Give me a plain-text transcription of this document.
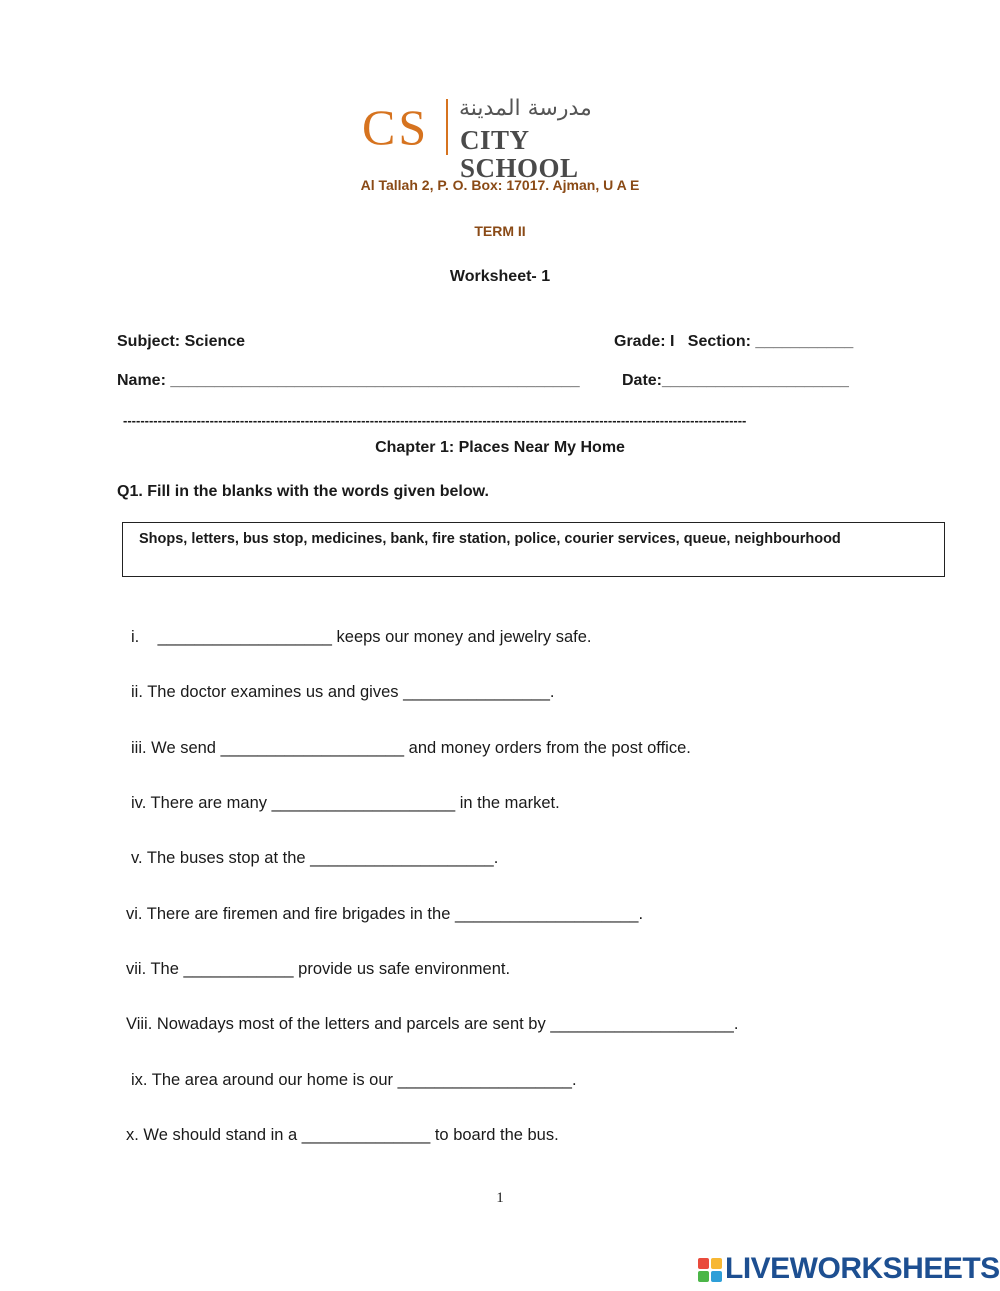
CS مدرسة المدينة
CITY SCHOOL
Al Tallah 2, P. O. Box: 17017. Ajman, U A E
TERM II
Worksheet- 1
Subject: Science	Grade: I   Section: ___________
Name: ______________________________________________	Date:_____________________
------------------------------------------------------------------------------------------------------------------------------------------------
Chapter 1: Places Near My Home
Q1. Fill in the blanks with the words given below.
Shops, letters, bus stop, medicines, bank, fire station, police, courier services, queue, neighbourhood
i.    ___________________ keeps our money and jewelry safe.
ii. The doctor examines us and gives ________________.
iii. We send ____________________ and money orders from the post office.
iv. There are many ____________________ in the market.
v. The buses stop at the ____________________.
vi. There are firemen and fire brigades in the ____________________.
vii. The ____________ provide us safe environment.
Viii. Nowadays most of the letters and parcels are sent by ____________________.
ix. The area around our home is our ___________________.
x. We should stand in a ______________ to board the bus.
1
LIVEWORKSHEETS
